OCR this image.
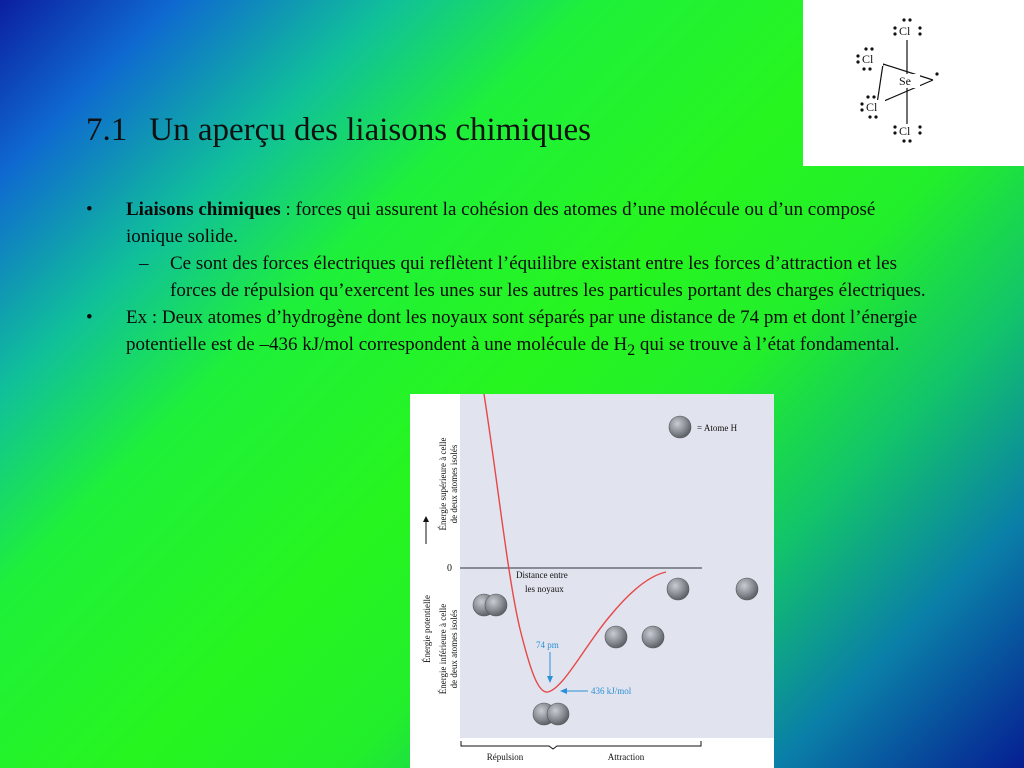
Cl
Cl
Se
Cl
Cl
7.1 Un aperçu des liaisons chimiques
• Liaisons chimiques : forces qui assurent la cohésion des atomes d’une molécule ou d’un composé ionique solide.
– Ce sont des forces électriques qui reflètent l’équilibre existant entre les forces d’attraction et les forces de répulsion qu’exercent les unes sur les autres les particules portant des charges électriques.
• Ex : Deux atomes d’hydrogène dont les noyaux sont séparés par une distance de 74 pm et dont l’énergie potentielle est de –436 kJ/mol correspondent à une molécule de $H_2$ qui se trouve à l’état fondamental.
0
Énergie potentielle
Énergie supérieure à celle de deux atomes isolés
Énergie inférieure à celle de deux atomes isolés
Distance entre
les noyaux
74 pm
436 kJ/mol
= Atome H
Répulsion	Attraction
